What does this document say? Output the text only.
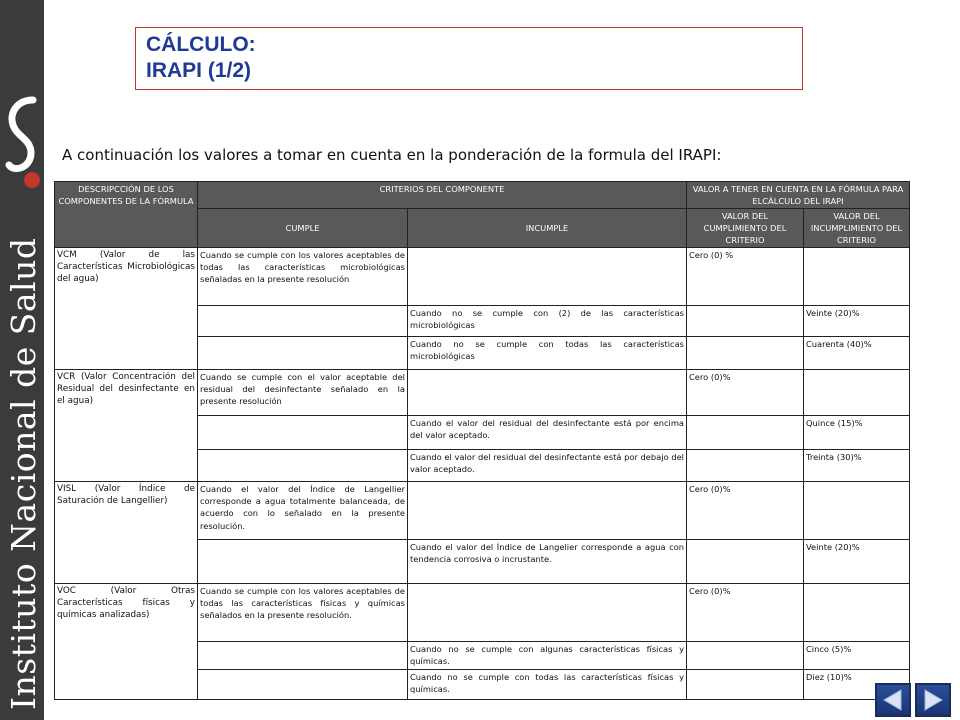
Instituto Nacional de Salud
CÁLCULO:
IRAPI (1/2)
A continuación los valores a tomar en cuenta en la ponderación de la formula del IRAPI:
DESCRIPCCIÓN DE LOS COMPONENTES DE LA FÓRMULA	CRITERIOS DEL COMPONENTE		VALOR A TENER EN CUENTA EN LA FÓRMULA PARA ELCÁLCULO DEL IRAPI	
	CUMPLE	INCUMPLE	VALOR DEL CUMPLIMIENTO DEL CRITERIO	VALOR DEL INCUMPLIMIENTO DEL CRITERIO
VCM (Valor de las Características Microbiológicas del agua)	Cuando se cumple con los valores aceptables de todas las características microbiológicas señaladas en la presente resolución		Cero (0) %	
		Cuando no se cumple con (2) de las características microbiológicas		Veinte (20)%
		Cuando no se cumple con todas las características microbiológicas		Cuarenta (40)%
VCR (Valor Concentración del Residual del desinfectante en el agua)	Cuando se cumple con el valor aceptable del residual del desinfectante señalado en la presente resolución		Cero (0)%	
		Cuando el valor del residual del desinfectante está por encima del valor aceptado.		Quince (15)%
		Cuando el valor del residual del desinfectante está por debajo del valor aceptado.		Treinta (30)%
VISL (Valor Índice de Saturación de Langellier)	Cuando el valor del Índice de Langellier corresponde a agua totalmente balanceada, de acuerdo con lo señalado en la presente resolución.		Cero (0)%	
		Cuando el valor del Índice de Langelier corresponde a agua con tendencia corrosiva o incrustante.		Veinte (20)%
VOC (Valor Otras Características físicas y químicas analizadas)	Cuando se cumple con los valores aceptables de todas las características físicas y químicas señalados en la presente resolución.		Cero (0)%	
		Cuando no se cumple con algunas características físicas y químicas.		Cinco (5)%
		Cuando no se cumple con todas las características físicas y químicas.		Diez (10)%
